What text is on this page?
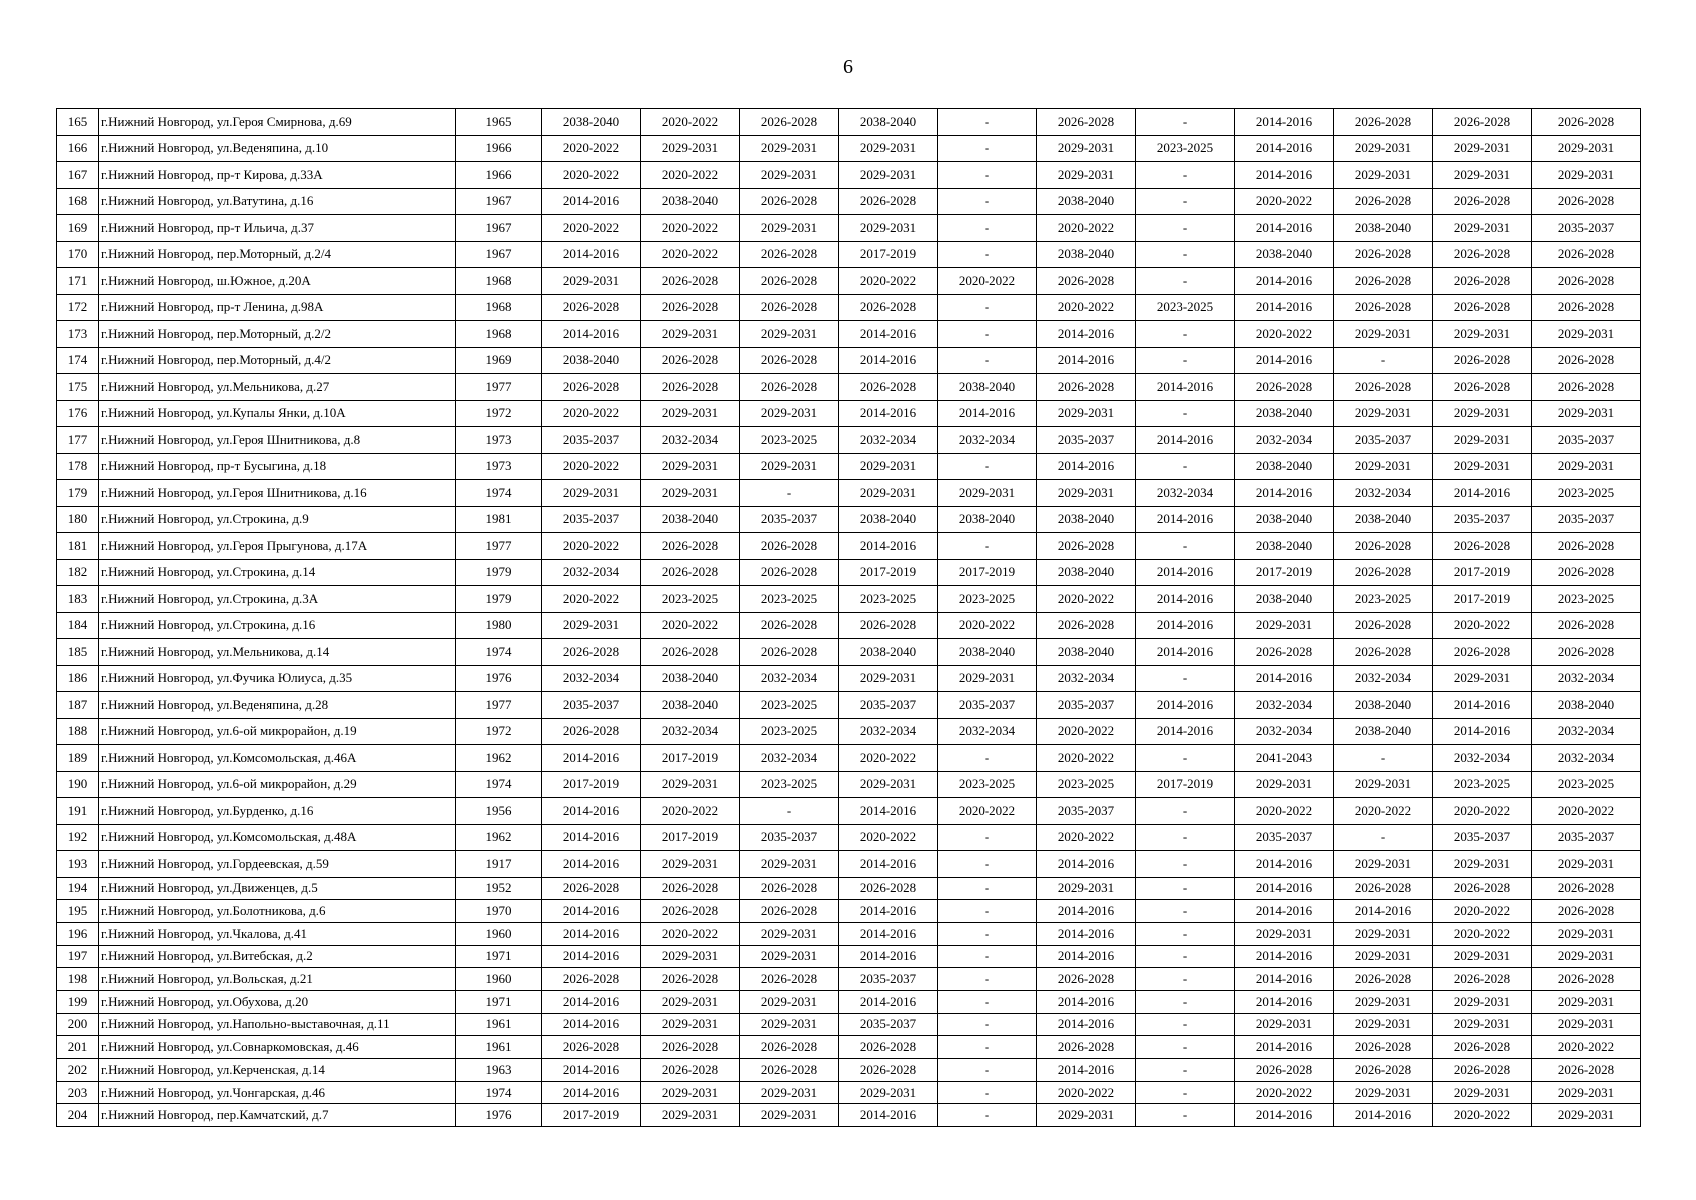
6
165	г.Нижний Новгород, ул.Героя Смирнова, д.69	1965	2038-2040	2020-2022	2026-2028	2038-2040	-	2026-2028	-	2014-2016	2026-2028	2026-2028	2026-2028
166	г.Нижний Новгород, ул.Веденяпина, д.10	1966	2020-2022	2029-2031	2029-2031	2029-2031	-	2029-2031	2023-2025	2014-2016	2029-2031	2029-2031	2029-2031
167	г.Нижний Новгород, пр-т Кирова, д.33А	1966	2020-2022	2020-2022	2029-2031	2029-2031	-	2029-2031	-	2014-2016	2029-2031	2029-2031	2029-2031
168	г.Нижний Новгород, ул.Ватутина, д.16	1967	2014-2016	2038-2040	2026-2028	2026-2028	-	2038-2040	-	2020-2022	2026-2028	2026-2028	2026-2028
169	г.Нижний Новгород, пр-т Ильича, д.37	1967	2020-2022	2020-2022	2029-2031	2029-2031	-	2020-2022	-	2014-2016	2038-2040	2029-2031	2035-2037
170	г.Нижний Новгород, пер.Моторный, д.2/4	1967	2014-2016	2020-2022	2026-2028	2017-2019	-	2038-2040	-	2038-2040	2026-2028	2026-2028	2026-2028
171	г.Нижний Новгород, ш.Южное, д.20А	1968	2029-2031	2026-2028	2026-2028	2020-2022	2020-2022	2026-2028	-	2014-2016	2026-2028	2026-2028	2026-2028
172	г.Нижний Новгород, пр-т Ленина, д.98А	1968	2026-2028	2026-2028	2026-2028	2026-2028	-	2020-2022	2023-2025	2014-2016	2026-2028	2026-2028	2026-2028
173	г.Нижний Новгород, пер.Моторный, д.2/2	1968	2014-2016	2029-2031	2029-2031	2014-2016	-	2014-2016	-	2020-2022	2029-2031	2029-2031	2029-2031
174	г.Нижний Новгород, пер.Моторный, д.4/2	1969	2038-2040	2026-2028	2026-2028	2014-2016	-	2014-2016	-	2014-2016	-	2026-2028	2026-2028
175	г.Нижний Новгород, ул.Мельникова, д.27	1977	2026-2028	2026-2028	2026-2028	2026-2028	2038-2040	2026-2028	2014-2016	2026-2028	2026-2028	2026-2028	2026-2028
176	г.Нижний Новгород, ул.Купалы Янки, д.10А	1972	2020-2022	2029-2031	2029-2031	2014-2016	2014-2016	2029-2031	-	2038-2040	2029-2031	2029-2031	2029-2031
177	г.Нижний Новгород, ул.Героя Шнитникова, д.8	1973	2035-2037	2032-2034	2023-2025	2032-2034	2032-2034	2035-2037	2014-2016	2032-2034	2035-2037	2029-2031	2035-2037
178	г.Нижний Новгород, пр-т Бусыгина, д.18	1973	2020-2022	2029-2031	2029-2031	2029-2031	-	2014-2016	-	2038-2040	2029-2031	2029-2031	2029-2031
179	г.Нижний Новгород, ул.Героя Шнитникова, д.16	1974	2029-2031	2029-2031	-	2029-2031	2029-2031	2029-2031	2032-2034	2014-2016	2032-2034	2014-2016	2023-2025
180	г.Нижний Новгород, ул.Строкина, д.9	1981	2035-2037	2038-2040	2035-2037	2038-2040	2038-2040	2038-2040	2014-2016	2038-2040	2038-2040	2035-2037	2035-2037
181	г.Нижний Новгород, ул.Героя Прыгунова, д.17А	1977	2020-2022	2026-2028	2026-2028	2014-2016	-	2026-2028	-	2038-2040	2026-2028	2026-2028	2026-2028
182	г.Нижний Новгород, ул.Строкина, д.14	1979	2032-2034	2026-2028	2026-2028	2017-2019	2017-2019	2038-2040	2014-2016	2017-2019	2026-2028	2017-2019	2026-2028
183	г.Нижний Новгород, ул.Строкина, д.3А	1979	2020-2022	2023-2025	2023-2025	2023-2025	2023-2025	2020-2022	2014-2016	2038-2040	2023-2025	2017-2019	2023-2025
184	г.Нижний Новгород, ул.Строкина, д.16	1980	2029-2031	2020-2022	2026-2028	2026-2028	2020-2022	2026-2028	2014-2016	2029-2031	2026-2028	2020-2022	2026-2028
185	г.Нижний Новгород, ул.Мельникова, д.14	1974	2026-2028	2026-2028	2026-2028	2038-2040	2038-2040	2038-2040	2014-2016	2026-2028	2026-2028	2026-2028	2026-2028
186	г.Нижний Новгород, ул.Фучика Юлиуса, д.35	1976	2032-2034	2038-2040	2032-2034	2029-2031	2029-2031	2032-2034	-	2014-2016	2032-2034	2029-2031	2032-2034
187	г.Нижний Новгород, ул.Веденяпина, д.28	1977	2035-2037	2038-2040	2023-2025	2035-2037	2035-2037	2035-2037	2014-2016	2032-2034	2038-2040	2014-2016	2038-2040
188	г.Нижний Новгород, ул.6-ой микрорайон, д.19	1972	2026-2028	2032-2034	2023-2025	2032-2034	2032-2034	2020-2022	2014-2016	2032-2034	2038-2040	2014-2016	2032-2034
189	г.Нижний Новгород, ул.Комсомольская, д.46А	1962	2014-2016	2017-2019	2032-2034	2020-2022	-	2020-2022	-	2041-2043	-	2032-2034	2032-2034
190	г.Нижний Новгород, ул.6-ой микрорайон, д.29	1974	2017-2019	2029-2031	2023-2025	2029-2031	2023-2025	2023-2025	2017-2019	2029-2031	2029-2031	2023-2025	2023-2025
191	г.Нижний Новгород, ул.Бурденко, д.16	1956	2014-2016	2020-2022	-	2014-2016	2020-2022	2035-2037	-	2020-2022	2020-2022	2020-2022	2020-2022
192	г.Нижний Новгород, ул.Комсомольская, д.48А	1962	2014-2016	2017-2019	2035-2037	2020-2022	-	2020-2022	-	2035-2037	-	2035-2037	2035-2037
193	г.Нижний Новгород, ул.Гордеевская, д.59	1917	2014-2016	2029-2031	2029-2031	2014-2016	-	2014-2016	-	2014-2016	2029-2031	2029-2031	2029-2031
194	г.Нижний Новгород, ул.Движенцев, д.5	1952	2026-2028	2026-2028	2026-2028	2026-2028	-	2029-2031	-	2014-2016	2026-2028	2026-2028	2026-2028
195	г.Нижний Новгород, ул.Болотникова, д.6	1970	2014-2016	2026-2028	2026-2028	2014-2016	-	2014-2016	-	2014-2016	2014-2016	2020-2022	2026-2028
196	г.Нижний Новгород, ул.Чкалова, д.41	1960	2014-2016	2020-2022	2029-2031	2014-2016	-	2014-2016	-	2029-2031	2029-2031	2020-2022	2029-2031
197	г.Нижний Новгород, ул.Витебская, д.2	1971	2014-2016	2029-2031	2029-2031	2014-2016	-	2014-2016	-	2014-2016	2029-2031	2029-2031	2029-2031
198	г.Нижний Новгород, ул.Вольская, д.21	1960	2026-2028	2026-2028	2026-2028	2035-2037	-	2026-2028	-	2014-2016	2026-2028	2026-2028	2026-2028
199	г.Нижний Новгород, ул.Обухова, д.20	1971	2014-2016	2029-2031	2029-2031	2014-2016	-	2014-2016	-	2014-2016	2029-2031	2029-2031	2029-2031
200	г.Нижний Новгород, ул.Напольно-выставочная, д.11	1961	2014-2016	2029-2031	2029-2031	2035-2037	-	2014-2016	-	2029-2031	2029-2031	2029-2031	2029-2031
201	г.Нижний Новгород, ул.Совнаркомовская, д.46	1961	2026-2028	2026-2028	2026-2028	2026-2028	-	2026-2028	-	2014-2016	2026-2028	2026-2028	2020-2022
202	г.Нижний Новгород, ул.Керченская, д.14	1963	2014-2016	2026-2028	2026-2028	2026-2028	-	2014-2016	-	2026-2028	2026-2028	2026-2028	2026-2028
203	г.Нижний Новгород, ул.Чонгарская, д.46	1974	2014-2016	2029-2031	2029-2031	2029-2031	-	2020-2022	-	2020-2022	2029-2031	2029-2031	2029-2031
204	г.Нижний Новгород, пер.Камчатский, д.7	1976	2017-2019	2029-2031	2029-2031	2014-2016	-	2029-2031	-	2014-2016	2014-2016	2020-2022	2029-2031
